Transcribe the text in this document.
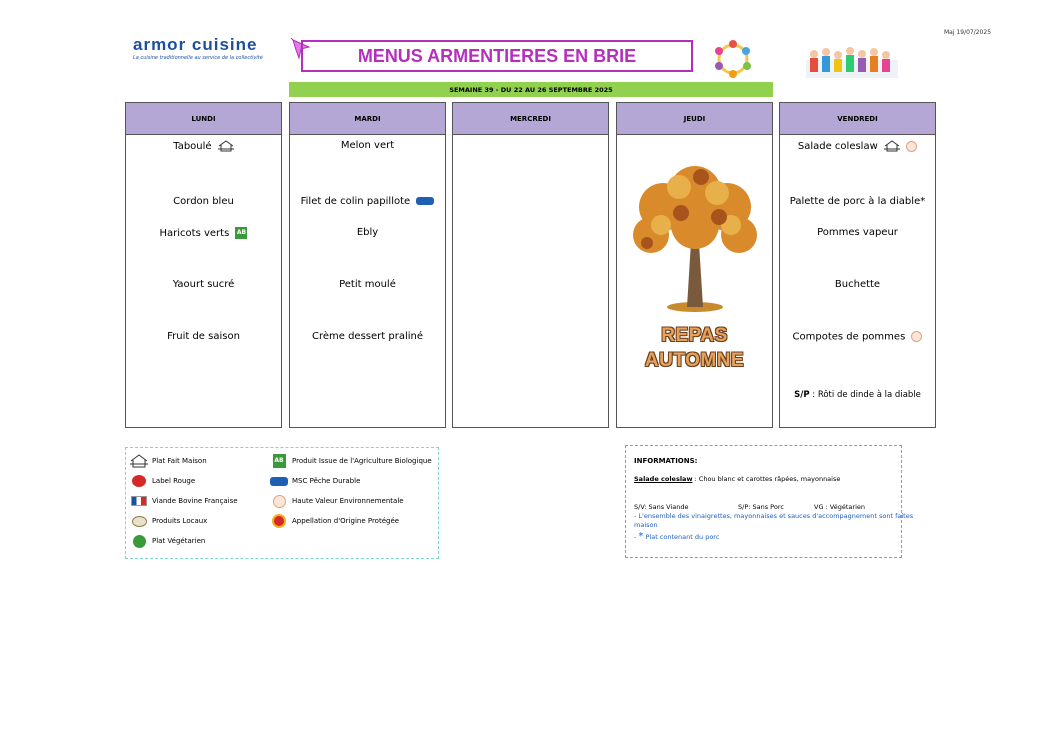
Maj 19/07/2025
armor cuisine
La cuisine traditionnelle au service de la collectivité	MENUS ARMENTIERES EN BRIE
SEMAINE 39 - DU 22 AU 26 SEPTEMBRE 2025
LUNDI
Taboulé
Cordon bleu
Haricots verts AB
Yaourt sucré
Fruit de saison
MARDI
Melon vert
Filet de colin papillote
Ebly
Petit moulé
Crème dessert praliné
MERCREDI	JEUDI
REPAS
AUTOMNE
VENDREDI
Salade coleslaw
Palette de porc à la diable*
Pommes vapeur
Buchette
Compotes de pommes
S/P : Rôti de dinde à la diable
Plat Fait Maison
Label Rouge
Viande Bovine Française
Produits Locaux
Plat Végétarien
AB Produit Issue de l'Agriculture Biologique
MSC Pêche Durable
Haute Valeur Environnementale
Appellation d'Origine Protégée
INFORMATIONS:
Salade coleslaw : Chou blanc et carottes râpées, mayonnaise
S/V: Sans Viande	S/P: Sans Porc	VG : Végétarien
- L'ensemble des vinaigrettes, mayonnaises et sauces d'accompagnement sont faites
maison
- * Plat contenant du porc
